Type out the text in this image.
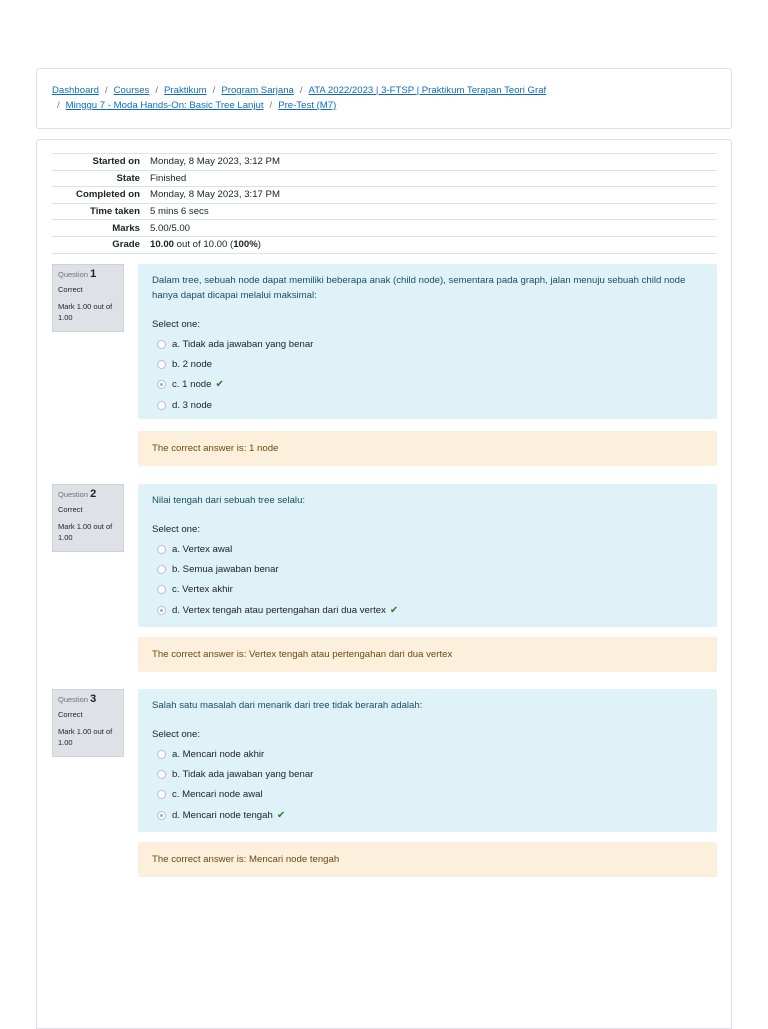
Dashboard / Courses / Praktikum / Program Sarjana / ATA 2022/2023 | 3-FTSP | Praktikum Terapan Teori Graf
/ Minggu 7 - Moda Hands-On: Basic Tree Lanjut / Pre-Test (M7)
Started on	Monday, 8 May 2023, 3:12 PM
State	Finished
Completed on	Monday, 8 May 2023, 3:17 PM
Time taken	5 mins 6 secs
Marks	5.00/5.00
Grade	10.00 out of 10.00 (100%)
Question 1
Correct
Mark 1.00 out of 1.00
Dalam tree, sebuah node dapat memiliki beberapa anak (child node), sementara pada graph, jalan menuju sebuah child node hanya dapat dicapai melalui maksimal:
Select one:
a. Tidak ada jawaban yang benar
b. 2 node
c. 1 node ✔
d. 3 node
The correct answer is: 1 node
Question 2
Correct
Mark 1.00 out of 1.00
Nilai tengah dari sebuah tree selalu:
Select one:
a. Vertex awal
b. Semua jawaban benar
c. Vertex akhir
d. Vertex tengah atau pertengahan dari dua vertex ✔
The correct answer is: Vertex tengah atau pertengahan dari dua vertex
Question 3
Correct
Mark 1.00 out of 1.00
Salah satu masalah dari menarik dari tree tidak berarah adalah:
Select one:
a. Mencari node akhir
b. Tidak ada jawaban yang benar
c. Mencari node awal
d. Mencari node tengah ✔
The correct answer is: Mencari node tengah
